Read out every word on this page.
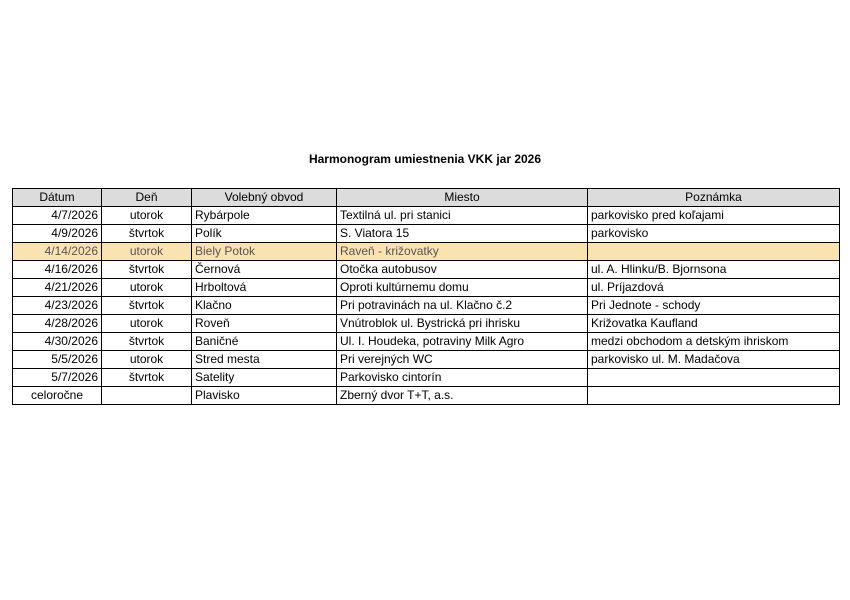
Harmonogram umiestnenia VKK jar 2026
Dátum	Deň	Volebný obvod	Miesto	Poznámka
4/7/2026	utorok	Rybárpole	Textilná ul. pri stanici	parkovisko pred koľajami
4/9/2026	štvrtok	Polík	S. Viatora 15	parkovisko
4/14/2026	utorok	Biely Potok	Raveň - križovatky	
4/16/2026	štvrtok	Černová	Otočka autobusov	ul. A. Hlinku/B. Bjornsona
4/21/2026	utorok	Hrboltová	Oproti kultúrnemu domu	ul. Príjazdová
4/23/2026	štvrtok	Klačno	Pri potravinách na ul. Klačno č.2	Pri Jednote - schody
4/28/2026	utorok	Roveň	Vnútroblok ul. Bystrická pri ihrisku	Križovatka Kaufland
4/30/2026	štvrtok	Baničné	Ul. I. Houdeka, potraviny Milk Agro	medzi obchodom a detským ihriskom
5/5/2026	utorok	Stred mesta	Pri verejných WC	parkovisko ul. M. Madačova
5/7/2026	štvrtok	Satelity	Parkovisko cintorín	
celoročne		Plavisko	Zberný dvor T+T, a.s.	
